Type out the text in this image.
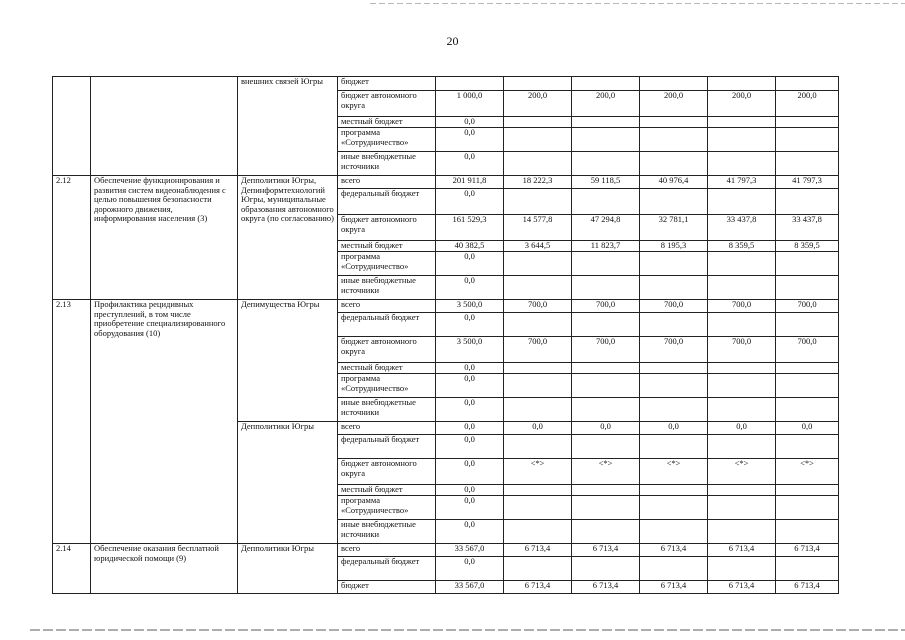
20
		внешних связей Югры	бюджет						
			бюджет автономного округа	1 000,0	200,0	200,0	200,0	200,0	200,0
			местный бюджет	0,0					
			программа «Сотрудничество»	0,0					
			иные внебюджетные источники	0,0					
2.12	Обеспечение функционирования и развития систем видеонаблюдения с целью повышения безопасности дорожного движения, информирования населения (3)	Депполитики Югры, Депинформтехнологий Югры, муниципальные образования автономного округа (по согласованию)	всего	201 911,8	18 222,3	59 118,5	40 976,4	41 797,3	41 797,3
			федеральный бюджет	0,0					
			бюджет автономного округа	161 529,3	14 577,8	47 294,8	32 781,1	33 437,8	33 437,8
			местный бюджет	40 382,5	3 644,5	11 823,7	8 195,3	8 359,5	8 359,5
			программа «Сотрудничество»	0,0					
			иные внебюджетные источники	0,0					
2.13	Профилактика рецидивных преступлений, в том числе приобретение специализированного оборудования (10)	Депимущества Югры	всего	3 500,0	700,0	700,0	700,0	700,0	700,0
			федеральный бюджет	0,0					
			бюджет автономного округа	3 500,0	700,0	700,0	700,0	700,0	700,0
			местный бюджет	0,0					
			программа «Сотрудничество»	0,0					
			иные внебюджетные источники	0,0					
		Депполитики Югры	всего	0,0	0,0	0,0	0,0	0,0	0,0
			федеральный бюджет	0,0					
			бюджет автономного округа	0,0	<*>	<*>	<*>	<*>	<*>
			местный бюджет	0,0					
			программа «Сотрудничество»	0,0					
			иные внебюджетные источники	0,0					
2.14	Обеспечение оказания бесплатной юридической помощи (9)	Депполитики Югры	всего	33 567,0	6 713,4	6 713,4	6 713,4	6 713,4	6 713,4
			федеральный бюджет	0,0					
			бюджет	33 567,0	6 713,4	6 713,4	6 713,4	6 713,4	6 713,4
